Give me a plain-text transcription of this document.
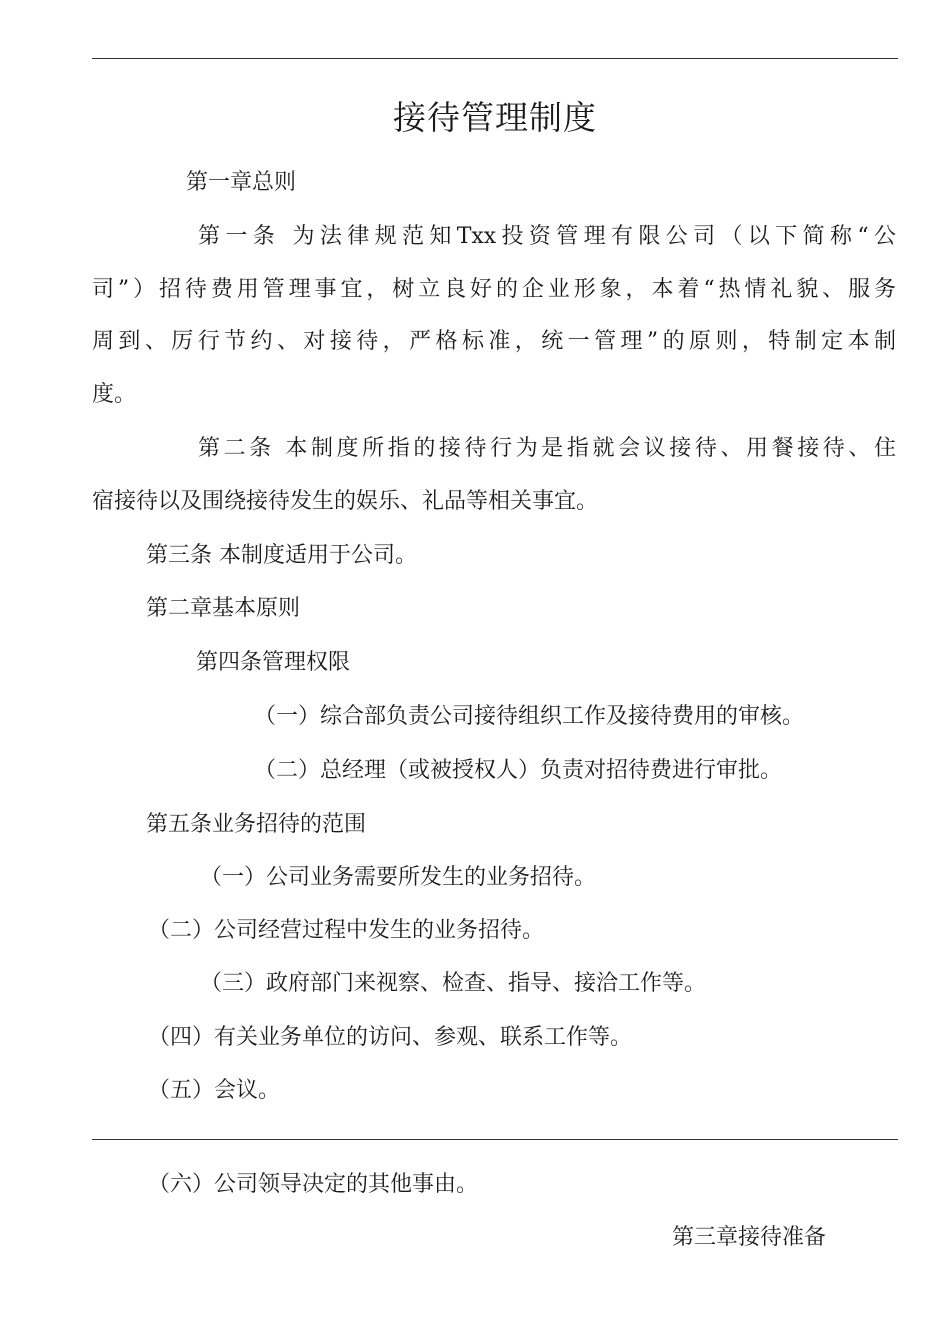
接待管理制度
第一章总则
第一条 为法律规范知Txx投资管理有限公司（以下简称“公
司”）招待费用管理事宜，树立良好的企业形象，本着“热情礼貌、服务
周到、厉行节约、对接待，严格标准，统一管理”的原则，特制定本制
度。
第二条 本制度所指的接待行为是指就会议接待、用餐接待、住
宿接待以及围绕接待发生的娱乐、礼品等相关事宜。
第三条 本制度适用于公司。
第二章基本原则
第四条管理权限
（一）综合部负责公司接待组织工作及接待费用的审核。
（二）总经理（或被授权人）负责对招待费进行审批。
第五条业务招待的范围
（一）公司业务需要所发生的业务招待。
（二）公司经营过程中发生的业务招待。
（三）政府部门来视察、检查、指导、接洽工作等。
（四）有关业务单位的访问、参观、联系工作等。
（五）会议。
（六）公司领导决定的其他事由。
第三章接待准备
